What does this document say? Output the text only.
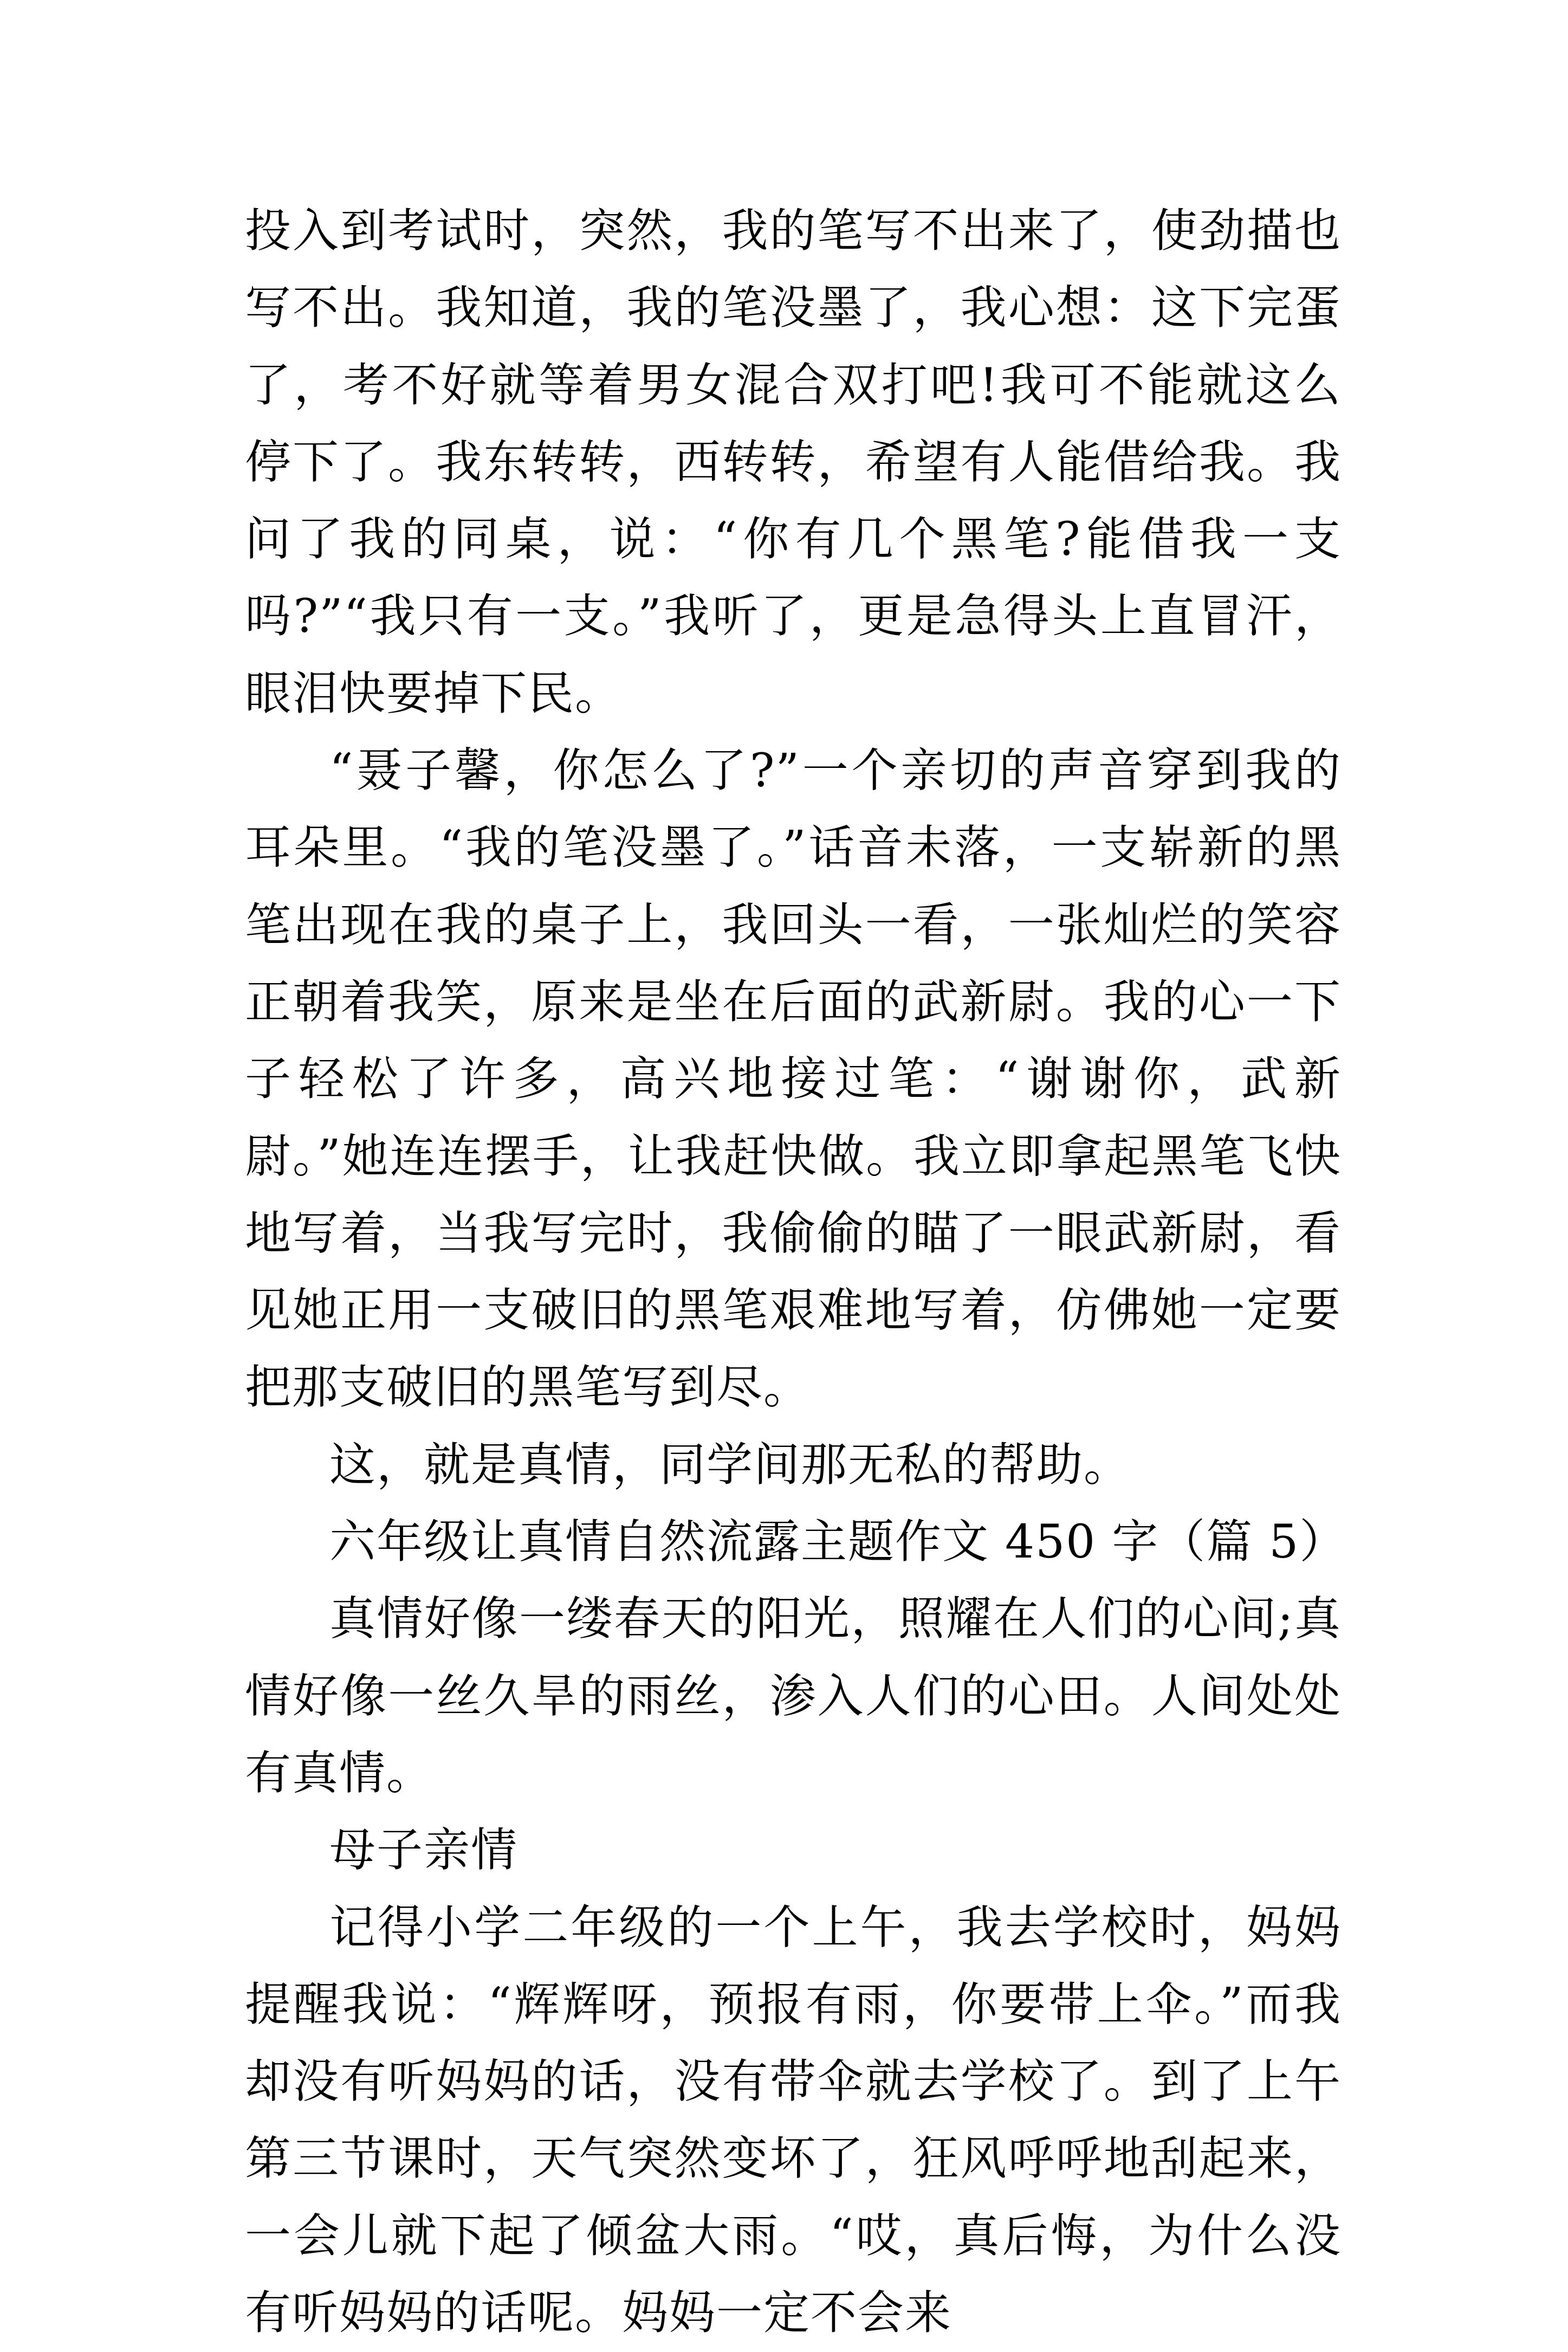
投入到考试时，突然，我的笔写不出来了，使劲描也写不出。我知道，我的笔没墨了，我心想：这下完蛋了，考不好就等着男女混合双打吧!我可不能就这么停下了。我东转转，西转转，希望有人能借给我。我问了我的同桌，说：“你有几个黑笔?能借我一支吗?”“我只有一支。”我听了，更是急得头上直冒汗，眼泪快要掉下民。

“聂子馨，你怎么了?”一个亲切的声音穿到我的耳朵里。“我的笔没墨了。”话音未落，一支崭新的黑笔出现在我的桌子上，我回头一看，一张灿烂的笑容正朝着我笑，原来是坐在后面的武新尉。我的心一下子轻松了许多，高兴地接过笔：“谢谢你，武新尉。”她连连摆手，让我赶快做。我立即拿起黑笔飞快地写着，当我写完时，我偷偷的瞄了一眼武新尉，看见她正用一支破旧的黑笔艰难地写着，仿佛她一定要把那支破旧的黑笔写到尽。

这，就是真情，同学间那无私的帮助。

六年级让真情自然流露主题作文 450 字（篇 5）

真情好像一缕春天的阳光，照耀在人们的心间;真情好像一丝久旱的雨丝，渗入人们的心田。人间处处有真情。

母子亲情

记得小学二年级的一个上午，我去学校时，妈妈提醒我说：“辉辉呀，预报有雨，你要带上伞。”而我却没有听妈妈的话，没有带伞就去学校了。到了上午第三节课时，天气突然变坏了，狂风呼呼地刮起来，一会儿就下起了倾盆大雨。“哎，真后悔，为什么没有听妈妈的话呢。妈妈一定不会来
